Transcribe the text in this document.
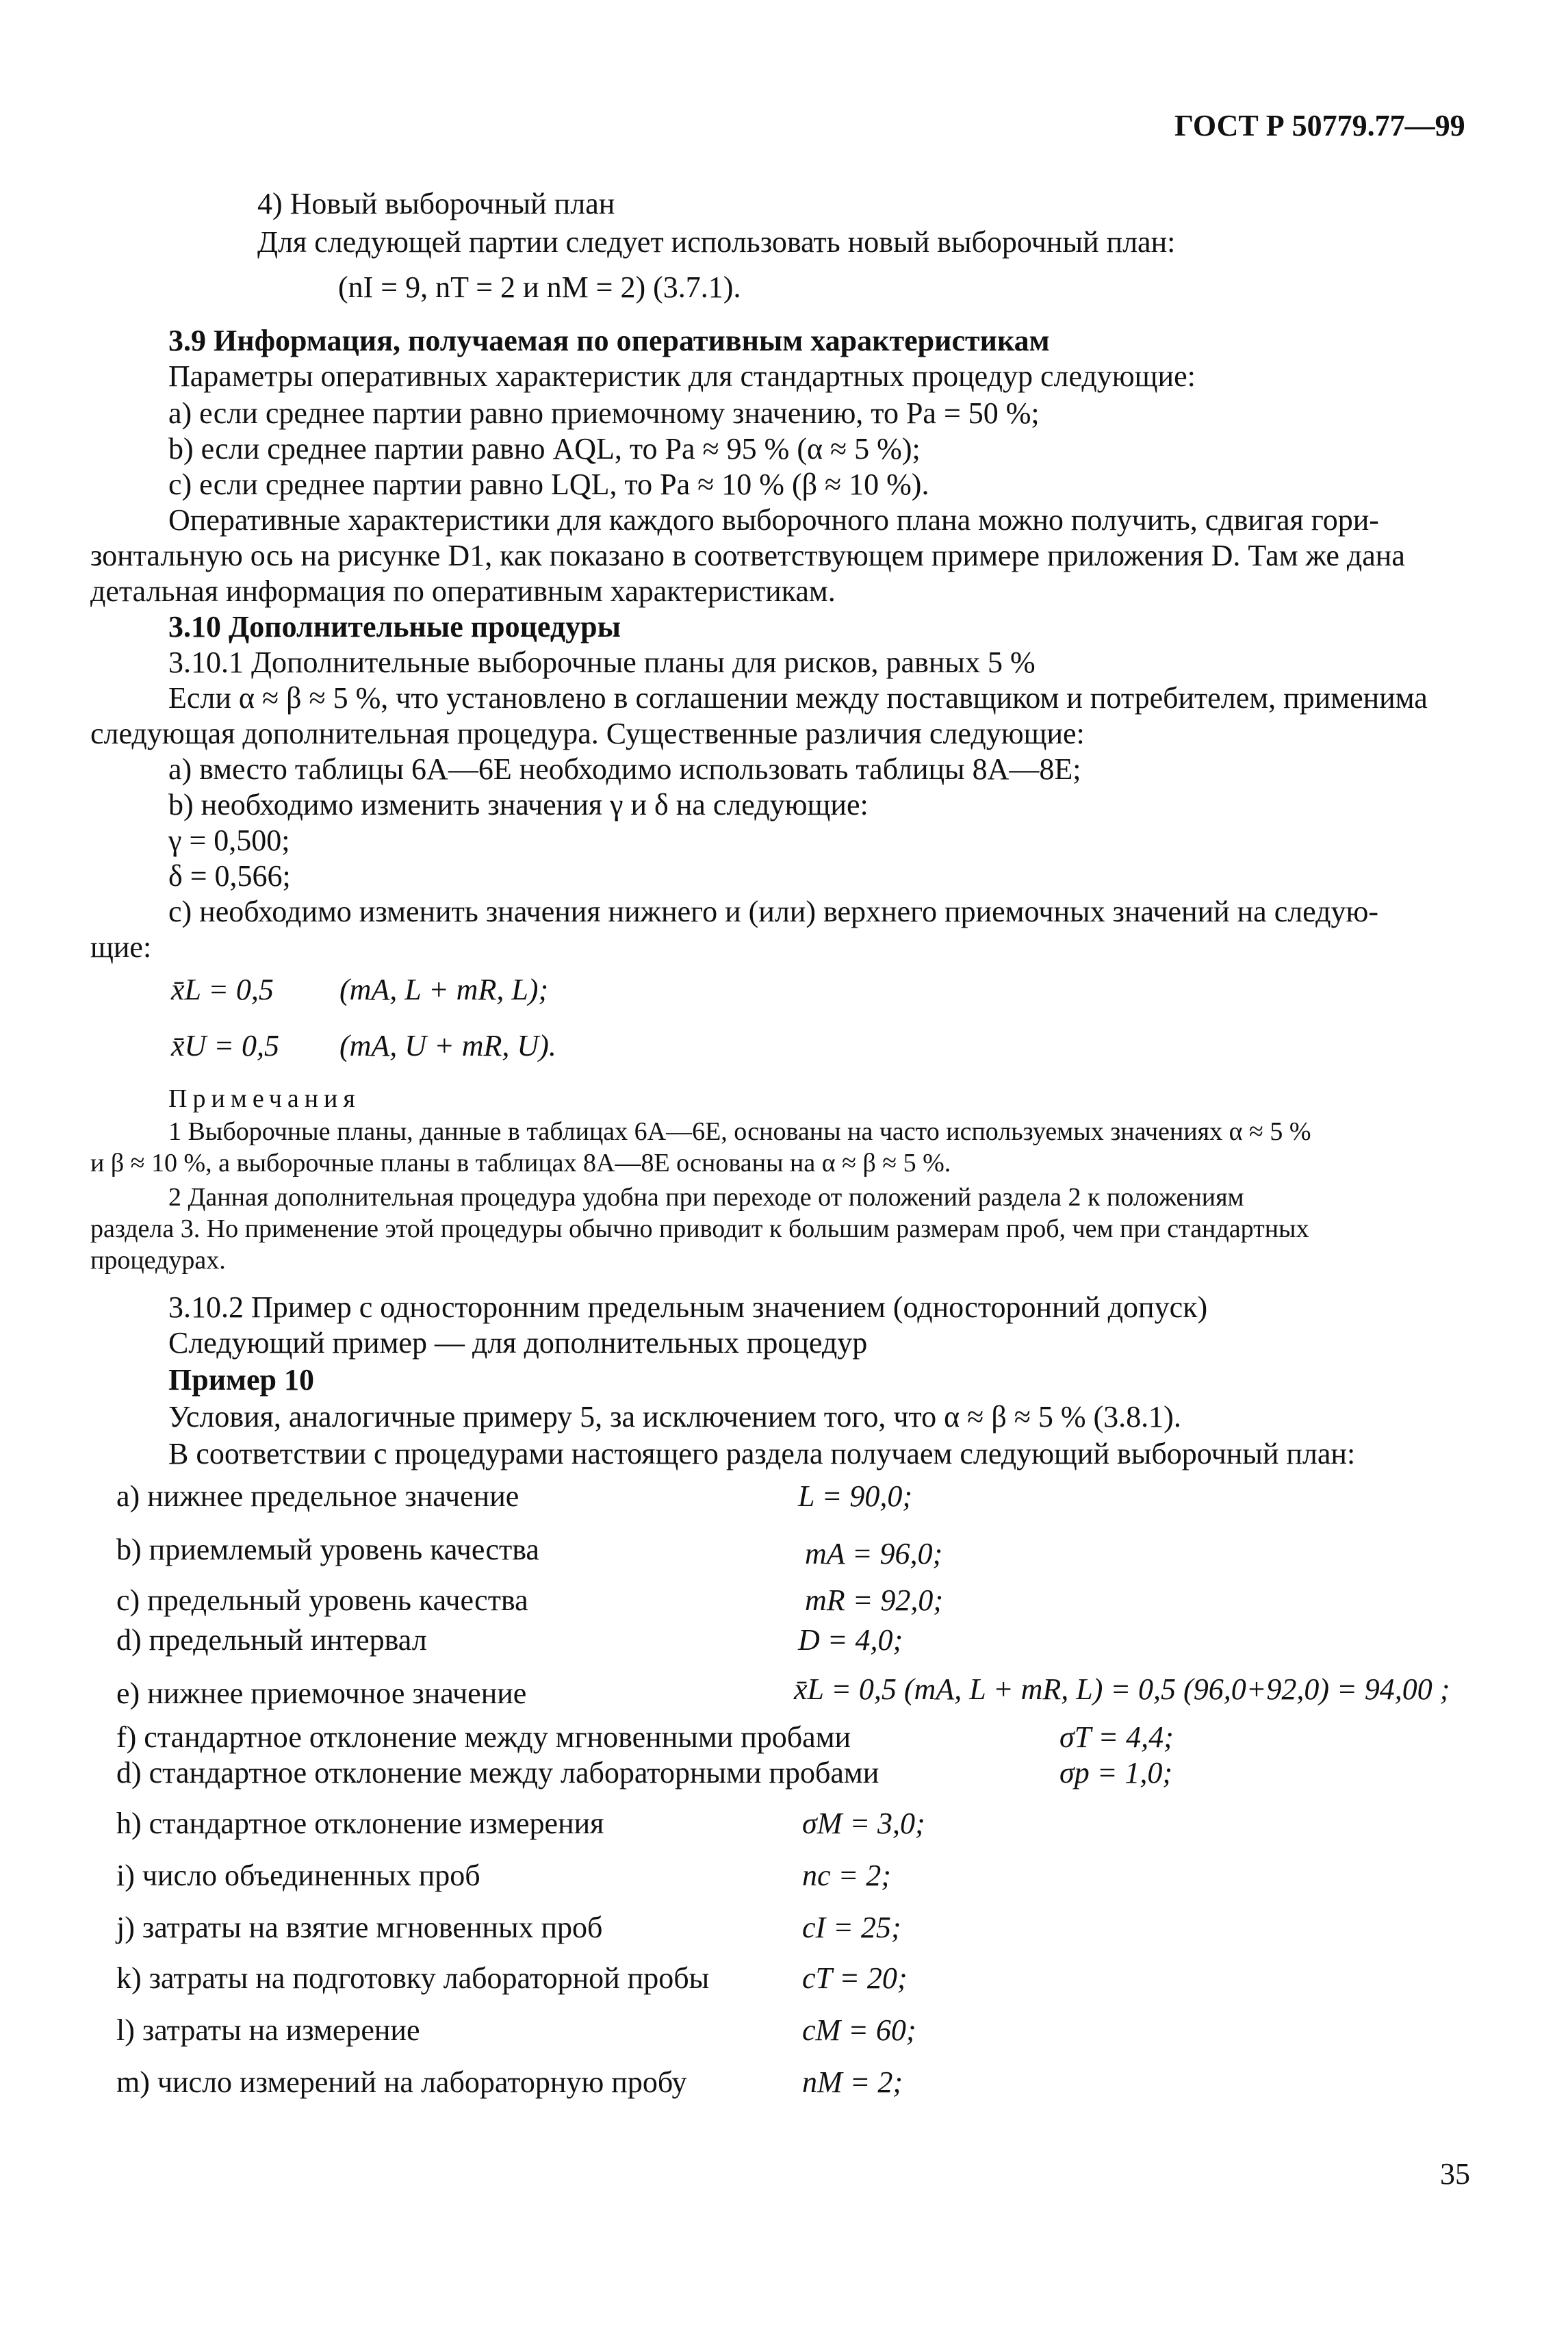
ГОСТ Р 50779.77—99
4) Новый выборочный план
Для следующей партии следует использовать новый выборочный план:
(nI = 9, nT = 2 и nM = 2) (3.7.1).
3.9 Информация, получаемая по оперативным характеристикам
Параметры оперативных характеристик для стандартных процедур следующие:
a) если среднее партии равно приемочному значению, то Pa = 50 %;
b) если среднее партии равно AQL, то Pa ≈ 95 % (α ≈ 5 %);
c) если среднее партии равно LQL, то Pa ≈ 10 % (β ≈ 10 %).
Оперативные характеристики для каждого выборочного плана можно получить, сдвигая гори-
зонтальную ось на рисунке D1, как показано в соответствующем примере приложения D. Там же дана
детальная информация по оперативным характеристикам.
3.10 Дополнительные процедуры
3.10.1 Дополнительные выборочные планы для рисков, равных 5 %
Если α ≈ β ≈ 5 %, что установлено в соглашении между поставщиком и потребителем, применима
следующая дополнительная процедура. Существенные различия следующие:
a) вместо таблицы 6А—6Е необходимо использовать таблицы 8А—8Е;
b) необходимо изменить значения γ и δ на следующие:
γ = 0,500;
δ = 0,566;
c) необходимо изменить значения нижнего и (или) верхнего приемочных значений на следую-
щие:
x̄L = 0,5 (mA, L + mR, L);
x̄U = 0,5 (mA, U + mR, U).
Примечания
1 Выборочные планы, данные в таблицах 6А—6Е, основаны на часто используемых значениях α ≈ 5 %
и β ≈ 10 %, а выборочные планы в таблицах 8А—8Е основаны на α ≈ β ≈ 5 %.
2 Данная дополнительная процедура удобна при переходе от положений раздела 2 к положениям
раздела 3. Но применение этой процедуры обычно приводит к большим размерам проб, чем при стандартных
процедурах.
3.10.2 Пример с односторонним предельным значением (односторонний допуск)
Следующий пример — для дополнительных процедур
Пример 10
Условия, аналогичные примеру 5, за исключением того, что α ≈ β ≈ 5 % (3.8.1).
В соответствии с процедурами настоящего раздела получаем следующий выборочный план:
a) нижнее предельное значение	L = 90,0;
b) приемлемый уровень качества	mA = 96,0;
c) предельный уровень качества	mR = 92,0;
d) предельный интервал	D = 4,0;
e) нижнее приемочное значение	x̄L = 0,5 (mA, L + mR, L) = 0,5 (96,0+92,0) = 94,00 ;
f) стандартное отклонение между мгновенными пробами	σT = 4,4;
d) стандартное отклонение между лабораторными пробами	σp = 1,0;
h) стандартное отклонение измерения	σM = 3,0;
i) число объединенных проб	nc = 2;
j) затраты на взятие мгновенных проб	cI = 25;
k) затраты на подготовку лабораторной пробы	cT = 20;
l) затраты на измерение	cM = 60;
m) число измерений на лабораторную пробу	nM = 2;
35
